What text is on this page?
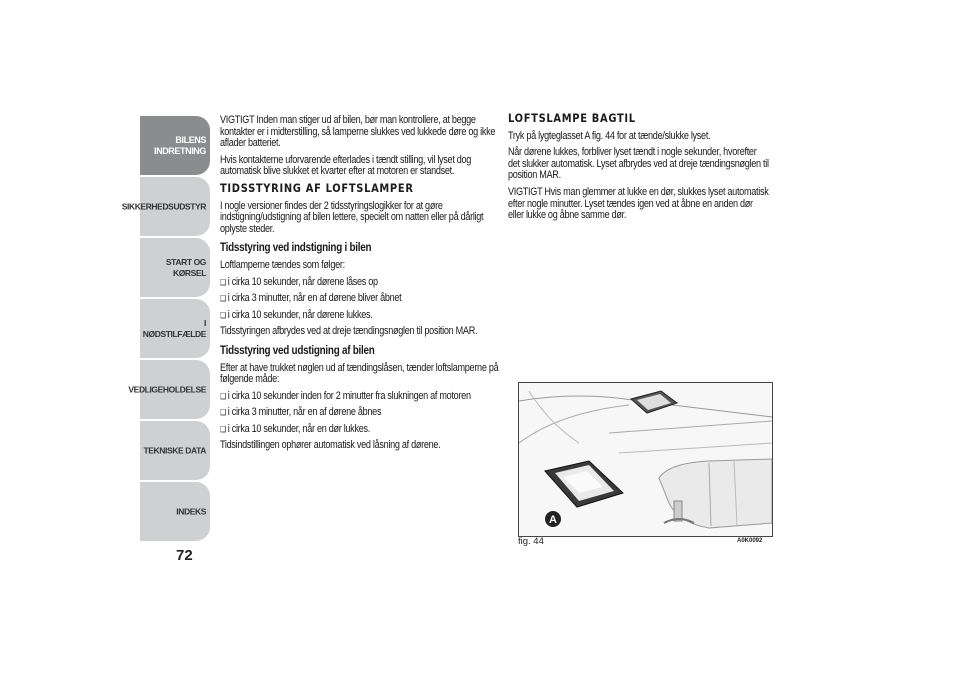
BILENS
INDRETNING
SIKKERHEDSUDSTYR
START OG KØRSEL
I NØDSTILFÆLDE
VEDLIGEHOLDELSE
TEKNISKE DATA
INDEKS
72

VIGTIGT Inden man stiger ud af bilen, bør man kontrollere, at begge kontakter er i midterstilling, så lamperne slukkes ved lukkede døre og ikke aflader batteriet.

Hvis kontakterne uforvarende efterlades i tændt stilling, vil lyset dog automatisk blive slukket et kvarter efter at motoren er standset.

TIDSSTYRING AF LOFTSLAMPER

I nogle versioner findes der 2 tidsstyringslogikker for at gøre indstigning/udstigning af bilen lettere, specielt om natten eller på dårligt oplyste steder.

Tidsstyring ved indstigning i bilen

Loftlamperne tændes som følger:

❑ i cirka 10 sekunder, når dørene låses op
❑ i cirka 3 minutter, når en af dørene bliver åbnet
❑ i cirka 10 sekunder, når dørene lukkes.

Tidsstyringen afbrydes ved at dreje tændingsnøglen til position MAR.

Tidsstyring ved udstigning af bilen

Efter at have trukket nøglen ud af tændingslåsen, tænder loftslamperne på følgende måde:

❑ i cirka 10 sekunder inden for 2 minutter fra slukningen af motoren
❑ i cirka 3 minutter, når en af dørene åbnes
❑ i cirka 10 sekunder, når en dør lukkes.

Tidsindstillingen ophører automatisk ved låsning af dørene.

LOFTSLAMPE BAGTIL

Tryk på lygteglasset A fig. 44 for at tænde/slukke lyset.

Når dørene lukkes, forbliver lyset tændt i nogle sekunder, hvorefter det slukker automatisk. Lyset afbrydes ved at dreje tændingsnøglen til position MAR.

VIGTIGT Hvis man glemmer at lukke en dør, slukkes lyset automatisk efter nogle minutter. Lyset tændes igen ved at åbne en anden dør eller lukke og åbne samme dør.

A
fig. 44	A0K0092
